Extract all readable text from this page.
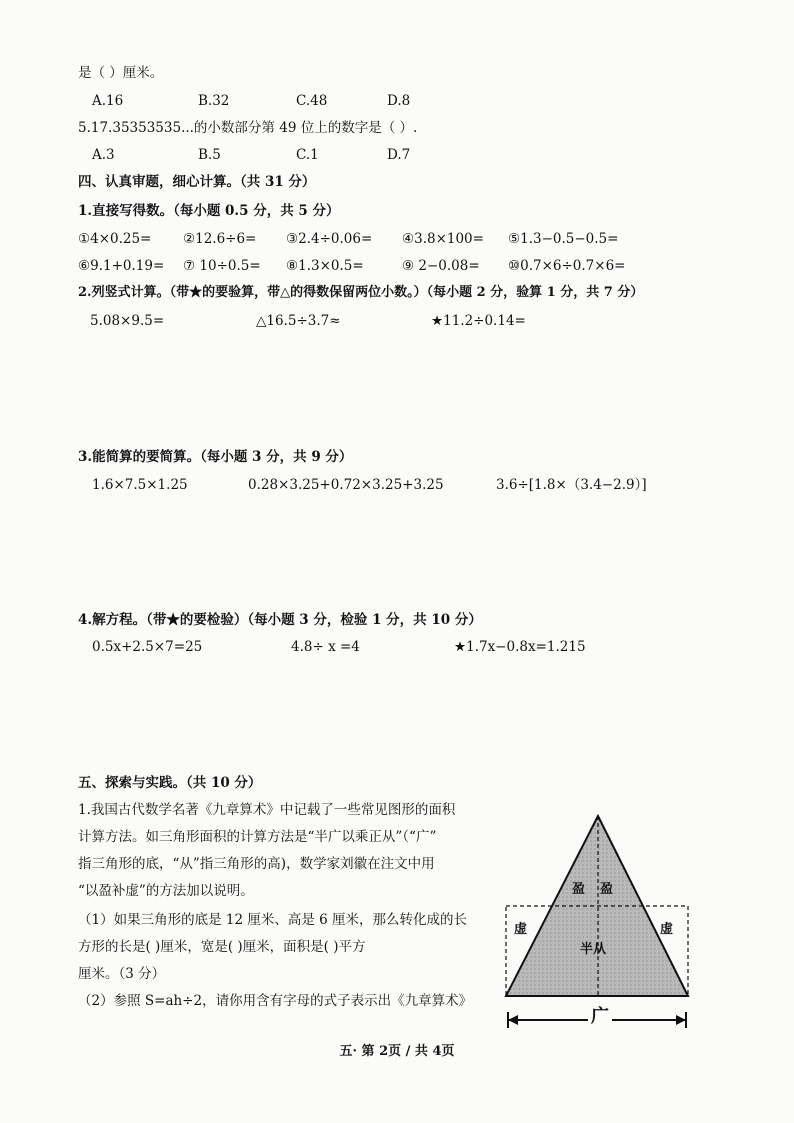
是（ ）厘米。
A.16	B.32	C.48	D.8
5.17.35353535...的小数部分第 49 位上的数字是（ ）.
A.3	B.5	C.1	D.7
四、认真审题，细心计算。（共 31 分）
1.直接写得数。（每小题 0.5 分，共 5 分）
①4×0.25= ②12.6÷6= ③2.4÷0.06= ④3.8×100= ⑤1.3−0.5−0.5=
⑥9.1+0.19= ⑦ 10÷0.5= ⑧1.3×0.5=	⑨ 2−0.08= ⑩0.7×6÷0.7×6=
2.列竖式计算。（带★的要验算，带△的得数保留两位小数。）（每小题 2 分，验算 1 分，共 7 分）
5.08×9.5=	△16.5÷3.7≈	★11.2÷0.14=
3.能简算的要简算。（每小题 3 分，共 9 分）
1.6×7.5×1.25	0.28×3.25+0.72×3.25+3.25	3.6÷[1.8×（3.4−2.9）]
4.解方程。（带★的要检验）（每小题 3 分，检验 1 分，共 10 分）
0.5x+2.5×7=25	4.8÷ x =4	★1.7x−0.8x=1.215
五、探索与实践。（共 10 分）
1.我国古代数学名著《九章算术》中记载了一些常见图形的面积
计算方法。如三角形面积的计算方法是“半广以乘正从”（“广”
指三角形的底，“从”指三角形的高)，数学家刘徽在注文中用
“以盈补虚”的方法加以说明。
（1）如果三角形的底是 12 厘米、高是 6 厘米，那么转化成的长
方形的长是( )厘米，宽是( )厘米，面积是( )平方
厘米。（3 分）
（2）参照 S=ah÷2，请你用含有字母的式子表示出《九章算术》
盈 盈
虚	虚
半从
广
五· 第 2页 / 共 4页
